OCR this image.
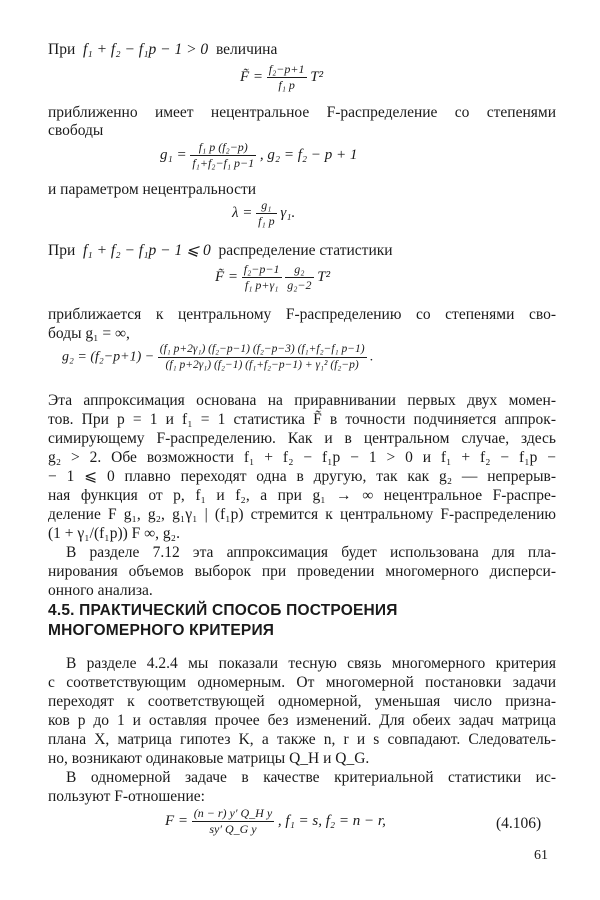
При f₁ + f₂ − f₁p − 1 > 0 величина
F̃ = $\frac{\text{f₂−p+1}}{\text{f₁ p}} T^2$
приближенно имеет нецентральное F-распределение со степенями
свободы
$g_1 = \frac{\text{f₁ p (f₂−p)}}{\text{f₁+f₂−f₁ p−1}}$ , g₂ = f₂ − p + 1
и параметром нецентральности
$\lambda = \frac{\text{g₁}}{\text{f₁ p}} \gamma_1$.
При f₁ + f₂ − f₁p − 1 ⩽ 0 распределение статистики
F̃ = $\frac{\text{f₂−p−1}}{\text{f₁ p+γ₁}}$
$\frac{\text{g₂}}{\text{g₂−2}} T^2$
приближается к центральному F-распределению со степенями сво-
боды g₁ = ∞,
$g_2 = (f_2-p+1) - \frac{\text{(f₁ p+2γ₁) (f₂−p−1) (f₂−p−3) (f₁+f₂−f₁ p−1)}}{\text{(f₁ p+2γ₁) (f₂−1) (f₁+f₂−p−1) + γ₁² (f₂−p)}}$ .
Эта аппроксимация основана на приравнивании первых двух момен-
тов. При p = 1 и f₁ = 1 статистика F̃ в точности подчиняется аппрок-
симирующему F-распределению. Как и в центральном случае, здесь
g₂ > 2. Обе возможности f₁ + f₂ − f₁p − 1 > 0 и f₁ + f₂ − f₁p −
− 1 ⩽ 0 плавно переходят одна в другую, так как g₂ — непрерыв-
ная функция от p, f₁ и f₂, а при g₁ → ∞ нецентральное F-распре-
деление F g₁, g₂, g₁γ₁ | (f₁p) стремится к центральному F-распределению
(1 + γ₁/(f₁p)) F ∞, g₂.
В разделе 7.12 эта аппроксимация будет использована для пла-
нирования объемов выборок при проведении многомерного дисперси-
онного анализа.
4.5. ПРАКТИЧЕСКИЙ СПОСОБ ПОСТРОЕНИЯ
МНОГОМЕРНОГО КРИТЕРИЯ
В разделе 4.2.4 мы показали тесную связь многомерного критерия
с соответствующим одномерным. От многомерной постановки задачи
переходят к соответствующей одномерной, уменьшая число призна-
ков p до 1 и оставляя прочее без изменений. Для обеих задач матрица
плана X, матрица гипотез K, а также n, r и s совпадают. Следователь-
но, возникают одинаковые матрицы Q_H и Q_G.
В одномерной задаче в качестве критериальной статистики ис-
пользуют F-отношение:
$F = \frac{\text{(n − r) y′ Q\_H y}}{\text{sy′ Q\_G y}}$ , f₁ = s, f₂ = n − r,	(4.106)
61
